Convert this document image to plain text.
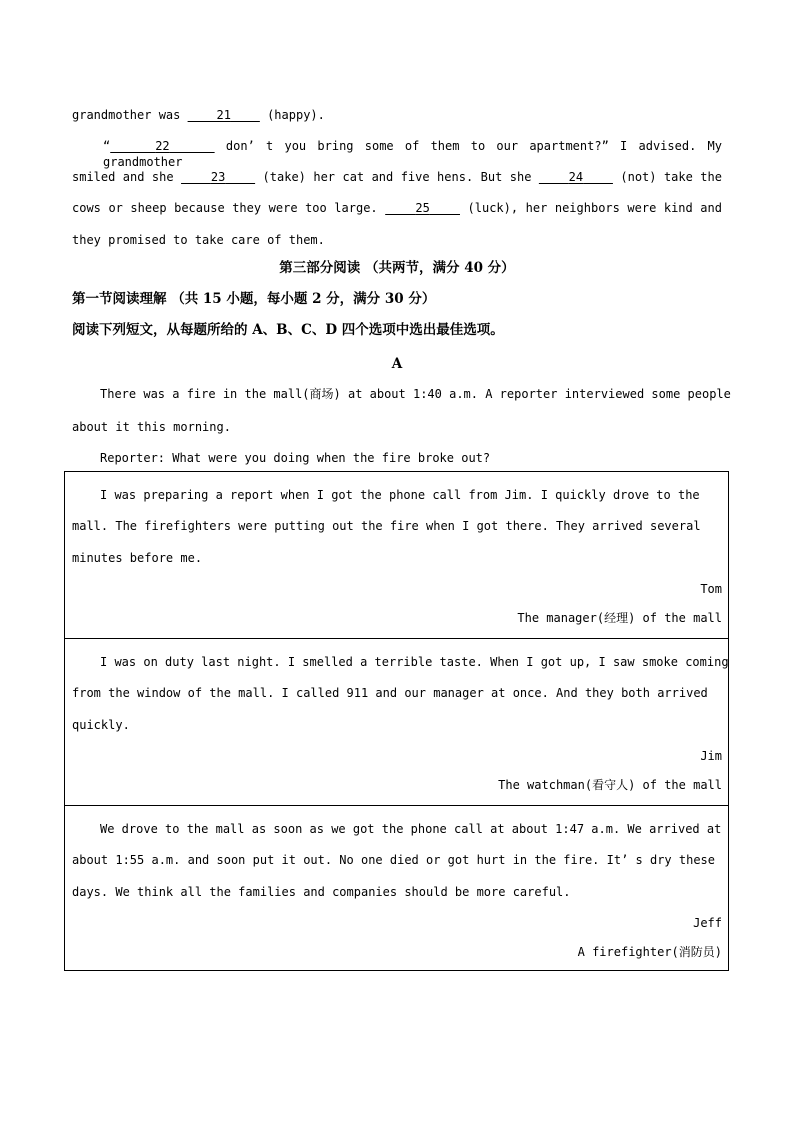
grandmother was     21     (happy).
“	22	don’ t you bring some of them to our apartment?” I advised. My grandmother
smiled and she     23	(take) her cat and five hens. But she     24	(not) take the
cows or sheep because they were too large.	25	(luck), her neighbors were kind and
they promised to take care of them.
第三部分阅读 （共两节，满分 40 分）
第一节阅读理解 （共 15 小题，每小题 2 分，满分 30 分）
阅读下列短文，从每题所给的 A、B、C、D 四个选项中选出最佳选项。
A
There was a fire in the mall(商场) at about 1:40 a.m. A reporter interviewed some people
about it this morning.
Reporter: What were you doing when the fire broke out?
I was preparing a report when I got the phone call from Jim. I quickly drove to the
mall. The firefighters were putting out the fire when I got there. They arrived several
minutes before me.
Tom
The manager(经理) of the mall
I was on duty last night. I smelled a terrible taste. When I got up, I saw smoke coming
from the window of the mall. I called 911 and our manager at once. And they both arrived
quickly.
Jim
The watchman(看守人) of the mall
We drove to the mall as soon as we got the phone call at about 1:47 a.m. We arrived at
about 1:55 a.m. and soon put it out. No one died or got hurt in the fire. It’ s dry these
days. We think all the families and companies should be more careful.
Jeff
A firefighter(消防员)
